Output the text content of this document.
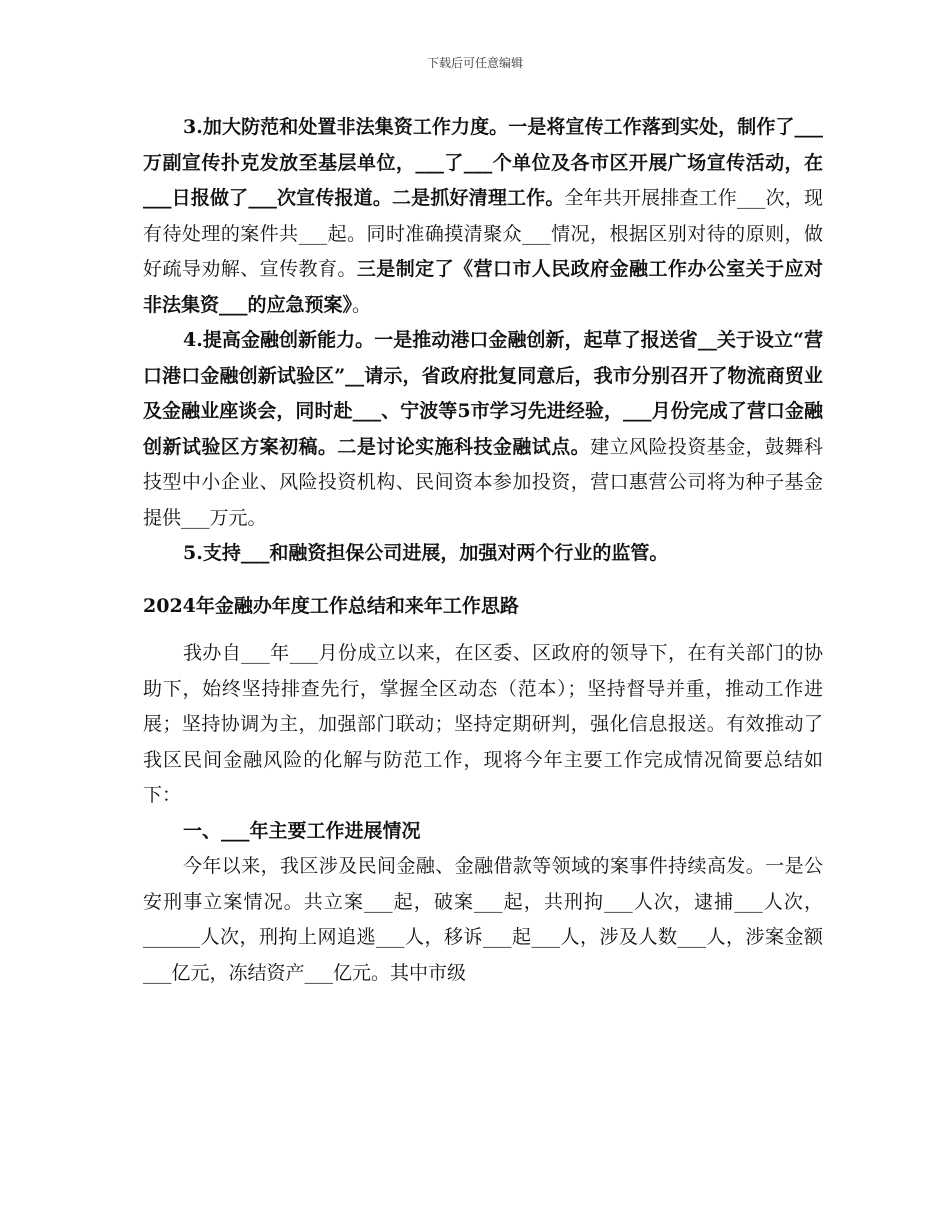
下载后可任意编辑

3.加大防范和处置非法集资工作力度。一是将宣传工作落到实处，制作了___万副宣传扑克发放至基层单位，___了___个单位及各市区开展广场宣传活动，在___日报做了___次宣传报道。二是抓好清理工作。全年共开展排查工作___次，现有待处理的案件共___起。同时准确摸清聚众___情况，根据区别对待的原则，做好疏导劝解、宣传教育。三是制定了《营口市人民政府金融工作办公室关于应对非法集资___的应急预案》。

4.提高金融创新能力。一是推动港口金融创新，起草了报送省__关于设立“营口港口金融创新试验区”__请示，省政府批复同意后，我市分别召开了物流商贸业及金融业座谈会，同时赴___、宁波等5市学习先进经验，___月份完成了营口金融创新试验区方案初稿。二是讨论实施科技金融试点。建立风险投资基金，鼓舞科技型中小企业、风险投资机构、民间资本参加投资，营口惠营公司将为种子基金提供___万元。

5.支持___和融资担保公司进展，加强对两个行业的监管。

2024年金融办年度工作总结和来年工作思路

我办自___年___月份成立以来，在区委、区政府的领导下，在有关部门的协助下，始终坚持排查先行，掌握全区动态（范本）；坚持督导并重，推动工作进展；坚持协调为主，加强部门联动；坚持定期研判，强化信息报送。有效推动了我区民间金融风险的化解与防范工作，现将今年主要工作完成情况简要总结如下：

一、___年主要工作进展情况

今年以来，我区涉及民间金融、金融借款等领域的案事件持续高发。一是公安刑事立案情况。共立案___起，破案___起，共刑拘___人次，逮捕___人次，______人次，刑拘上网追逃___人，移诉___起___人，涉及人数___人，涉案金额___亿元，冻结资产___亿元。其中市级
